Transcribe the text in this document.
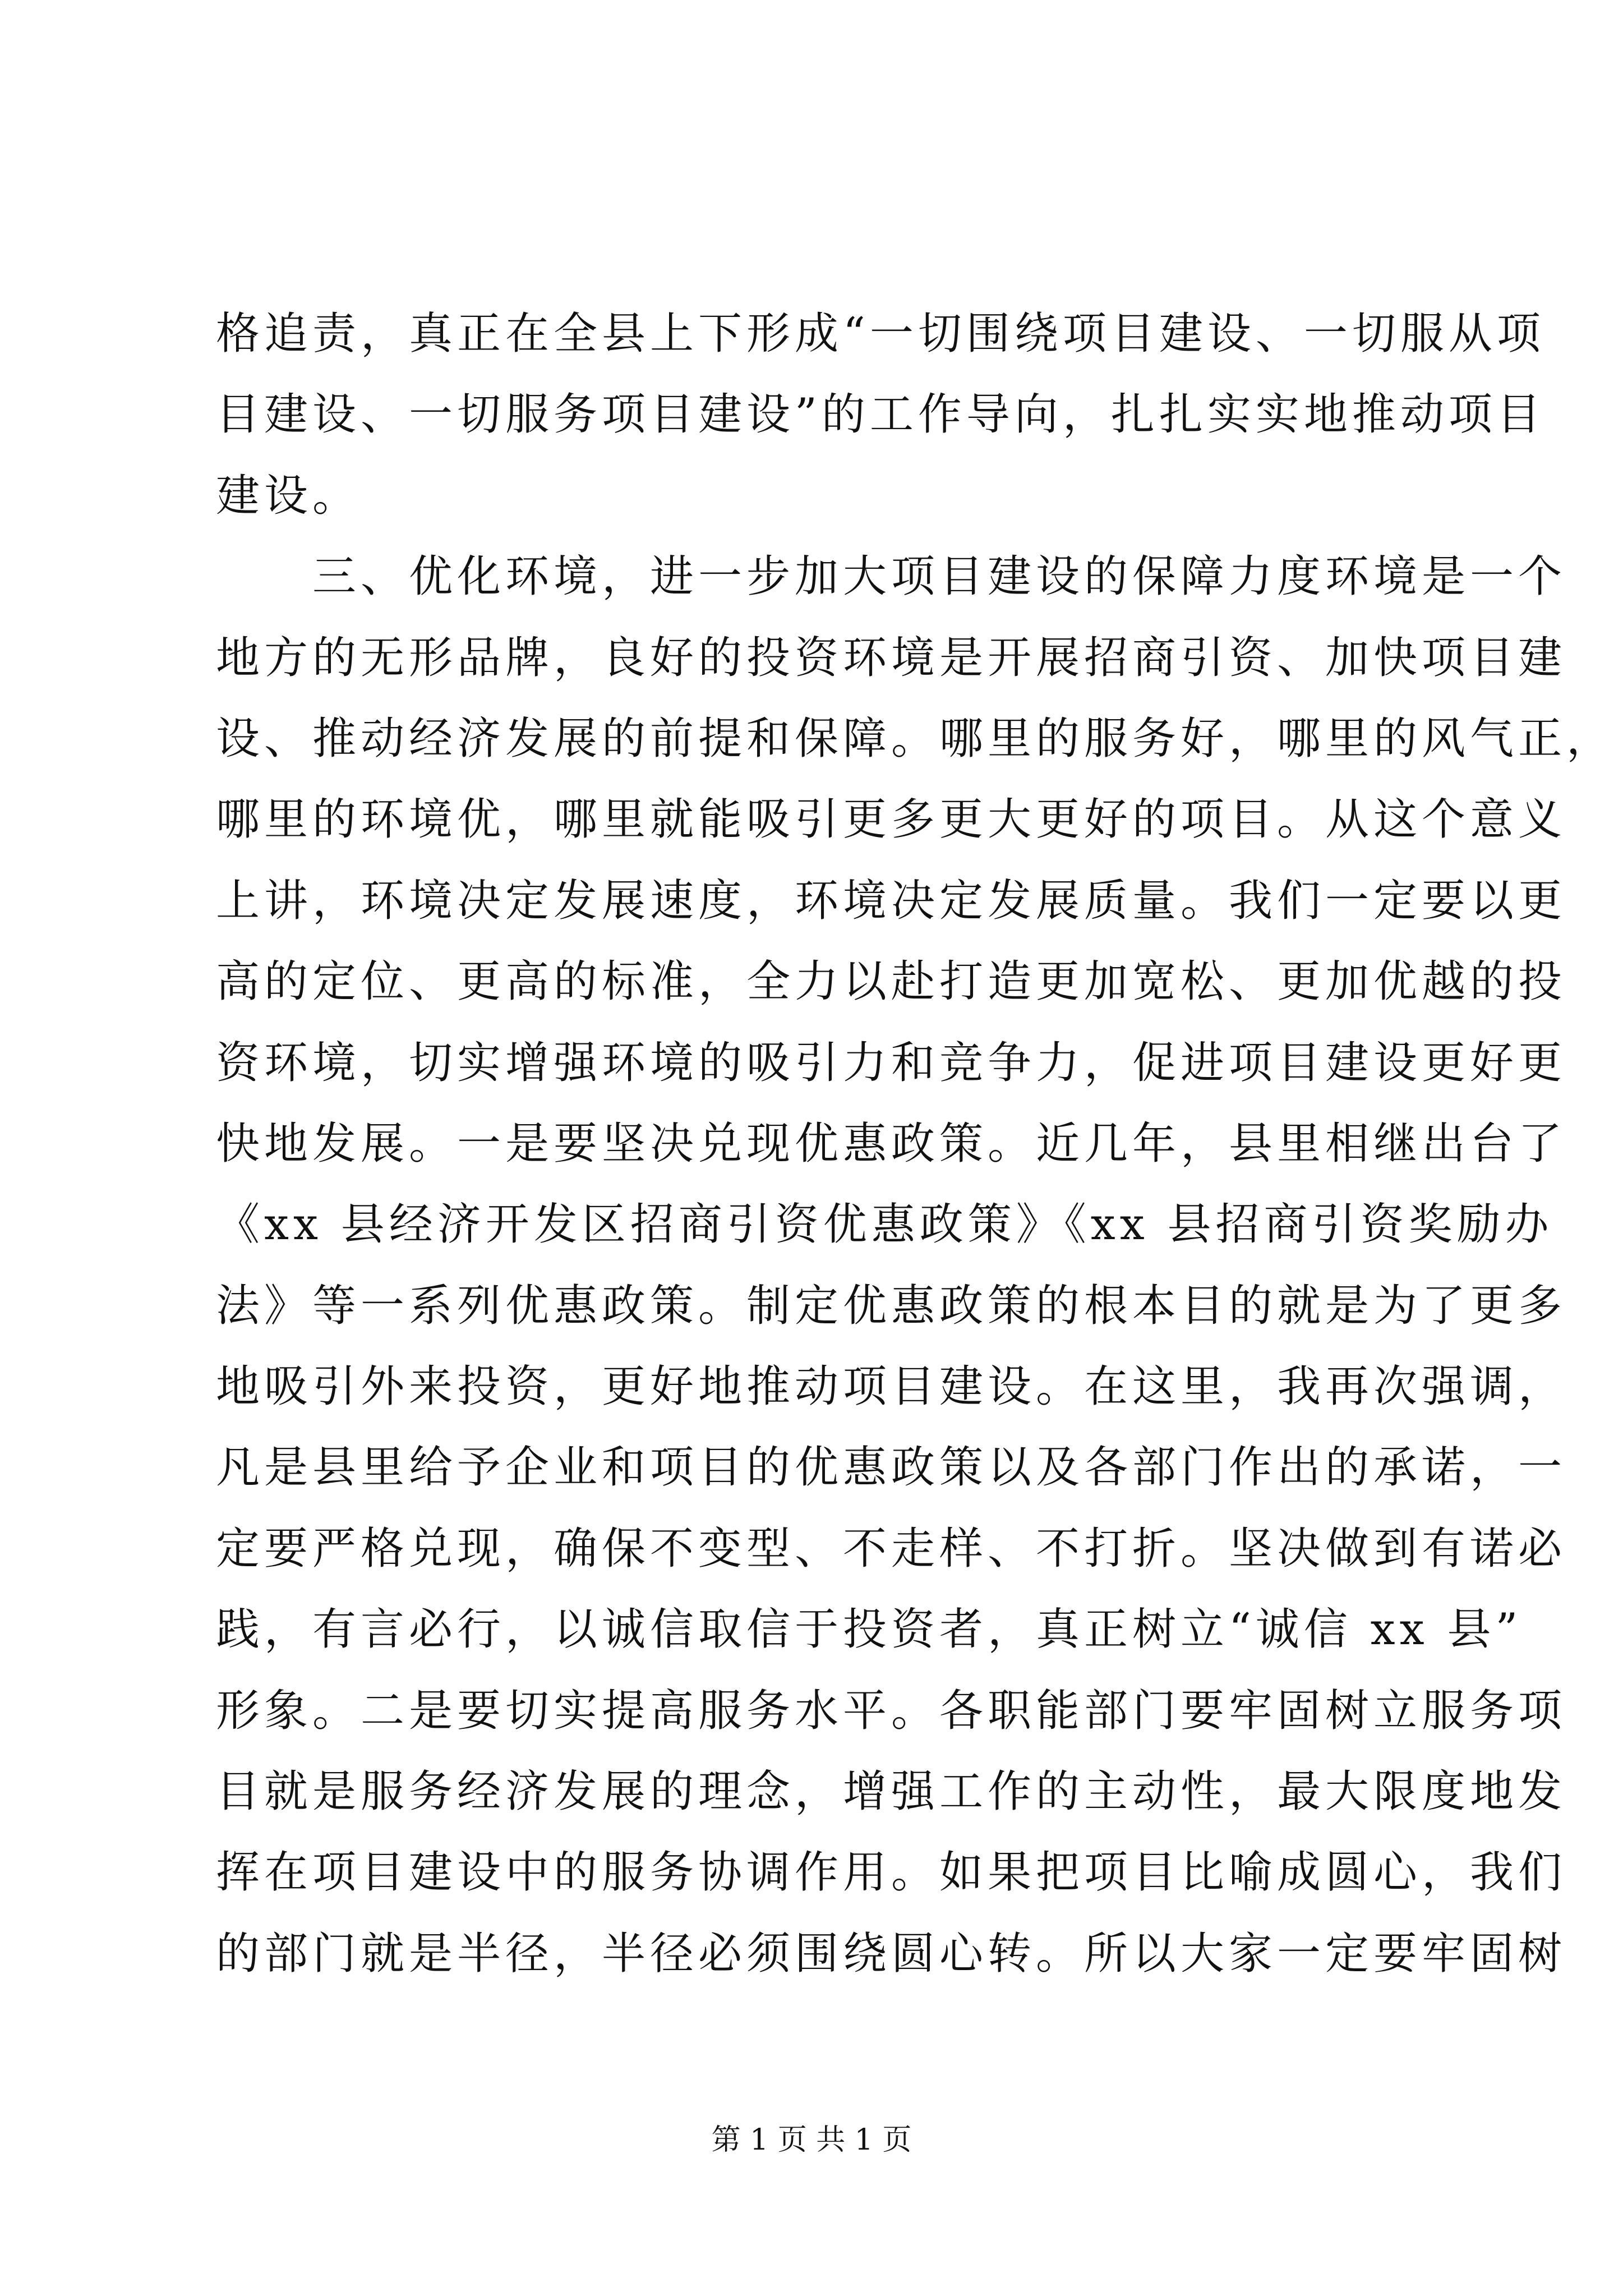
格追责，真正在全县上下形成“一切围绕项目建设、一切服从项
目建设、一切服务项目建设”的工作导向，扎扎实实地推动项目
建设。
　　三、优化环境，进一步加大项目建设的保障力度环境是一个
地方的无形品牌，良好的投资环境是开展招商引资、加快项目建
设、推动经济发展的前提和保障。哪里的服务好，哪里的风气正，
哪里的环境优，哪里就能吸引更多更大更好的项目。从这个意义
上讲，环境决定发展速度，环境决定发展质量。我们一定要以更
高的定位、更高的标准，全力以赴打造更加宽松、更加优越的投
资环境，切实增强环境的吸引力和竞争力，促进项目建设更好更
快地发展。一是要坚决兑现优惠政策。近几年，县里相继出台了
《xx 县经济开发区招商引资优惠政策》《xx 县招商引资奖励办
法》等一系列优惠政策。制定优惠政策的根本目的就是为了更多
地吸引外来投资，更好地推动项目建设。在这里，我再次强调，
凡是县里给予企业和项目的优惠政策以及各部门作出的承诺，一
定要严格兑现，确保不变型、不走样、不打折。坚决做到有诺必
践，有言必行，以诚信取信于投资者，真正树立“诚信 xx 县”
形象。二是要切实提高服务水平。各职能部门要牢固树立服务项
目就是服务经济发展的理念，增强工作的主动性，最大限度地发
挥在项目建设中的服务协调作用。如果把项目比喻成圆心，我们
的部门就是半径，半径必须围绕圆心转。所以大家一定要牢固树
第 1 页 共 1 页
